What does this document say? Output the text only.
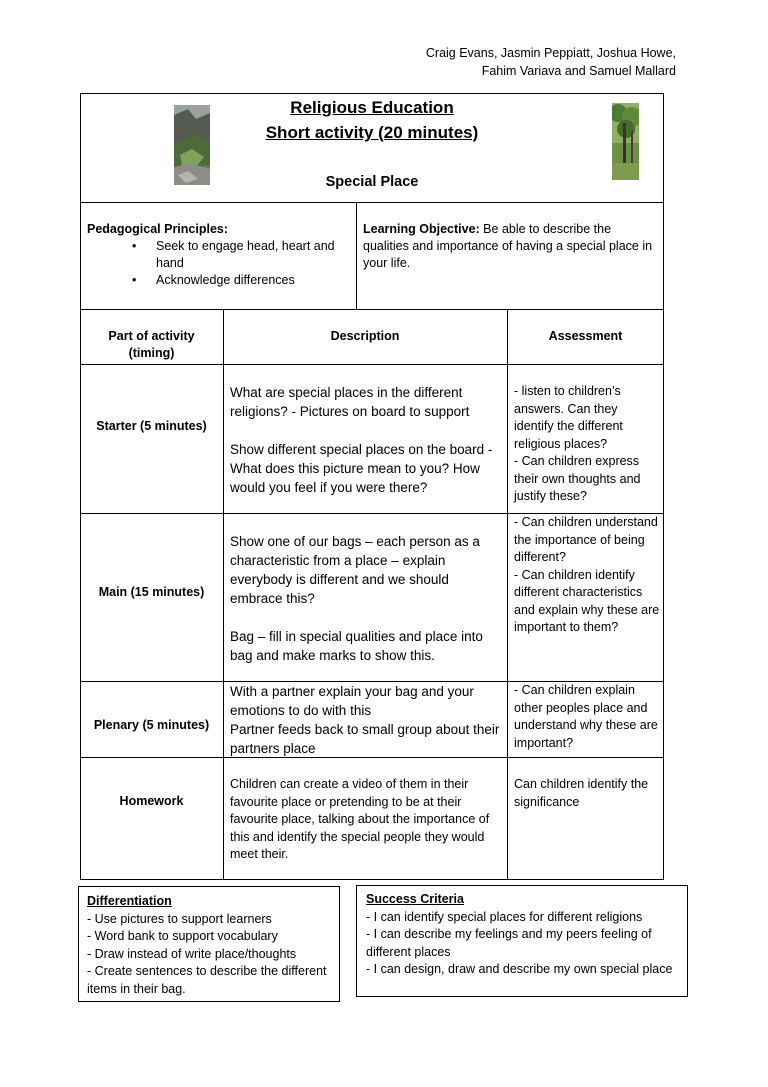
Craig Evans, Jasmin Peppiatt, Joshua Howe,
Fahim Variava and Samuel Mallard
Religious Education
Short activity (20 minutes)
Special Place
Pedagogical Principles:
• Seek to engage head, heart and hand
• Acknowledge differences
Learning Objective: Be able to describe the qualities and importance of having a special place in your life.
Part of activity
(timing)
Description	Assessment
Starter (5 minutes)
What are special places in the different religions? - Pictures on board to support
Show different special places on the board - What does this picture mean to you? How would you feel if you were there?
- listen to children’s answers. Can they identify the different religious places?
- Can children express their own thoughts and justify these?
Main (15 minutes)
Show one of our bags – each person as a characteristic from a place – explain everybody is different and we should embrace this?
Bag – fill in special qualities and place into bag and make marks to show this.
- Can children understand the importance of being different?
- Can children identify different characteristics and explain why these are important to them?
Plenary (5 minutes)
With a partner explain your bag and your emotions to do with this
Partner feeds back to small group about their partners place
- Can children explain other peoples place and understand why these are important?
Homework
Children can create a video of them in their favourite place or pretending to be at their favourite place, talking about the importance of this and identify the special people they would meet their.
Can children identify the significance
Differentiation
- Use pictures to support learners
- Word bank to support vocabulary
- Draw instead of write place/thoughts
- Create sentences to describe the different items in their bag.
Success Criteria
- I can identify special places for different religions
- I can describe my feelings and my peers feeling of different places
- I can design, draw and describe my own special place
